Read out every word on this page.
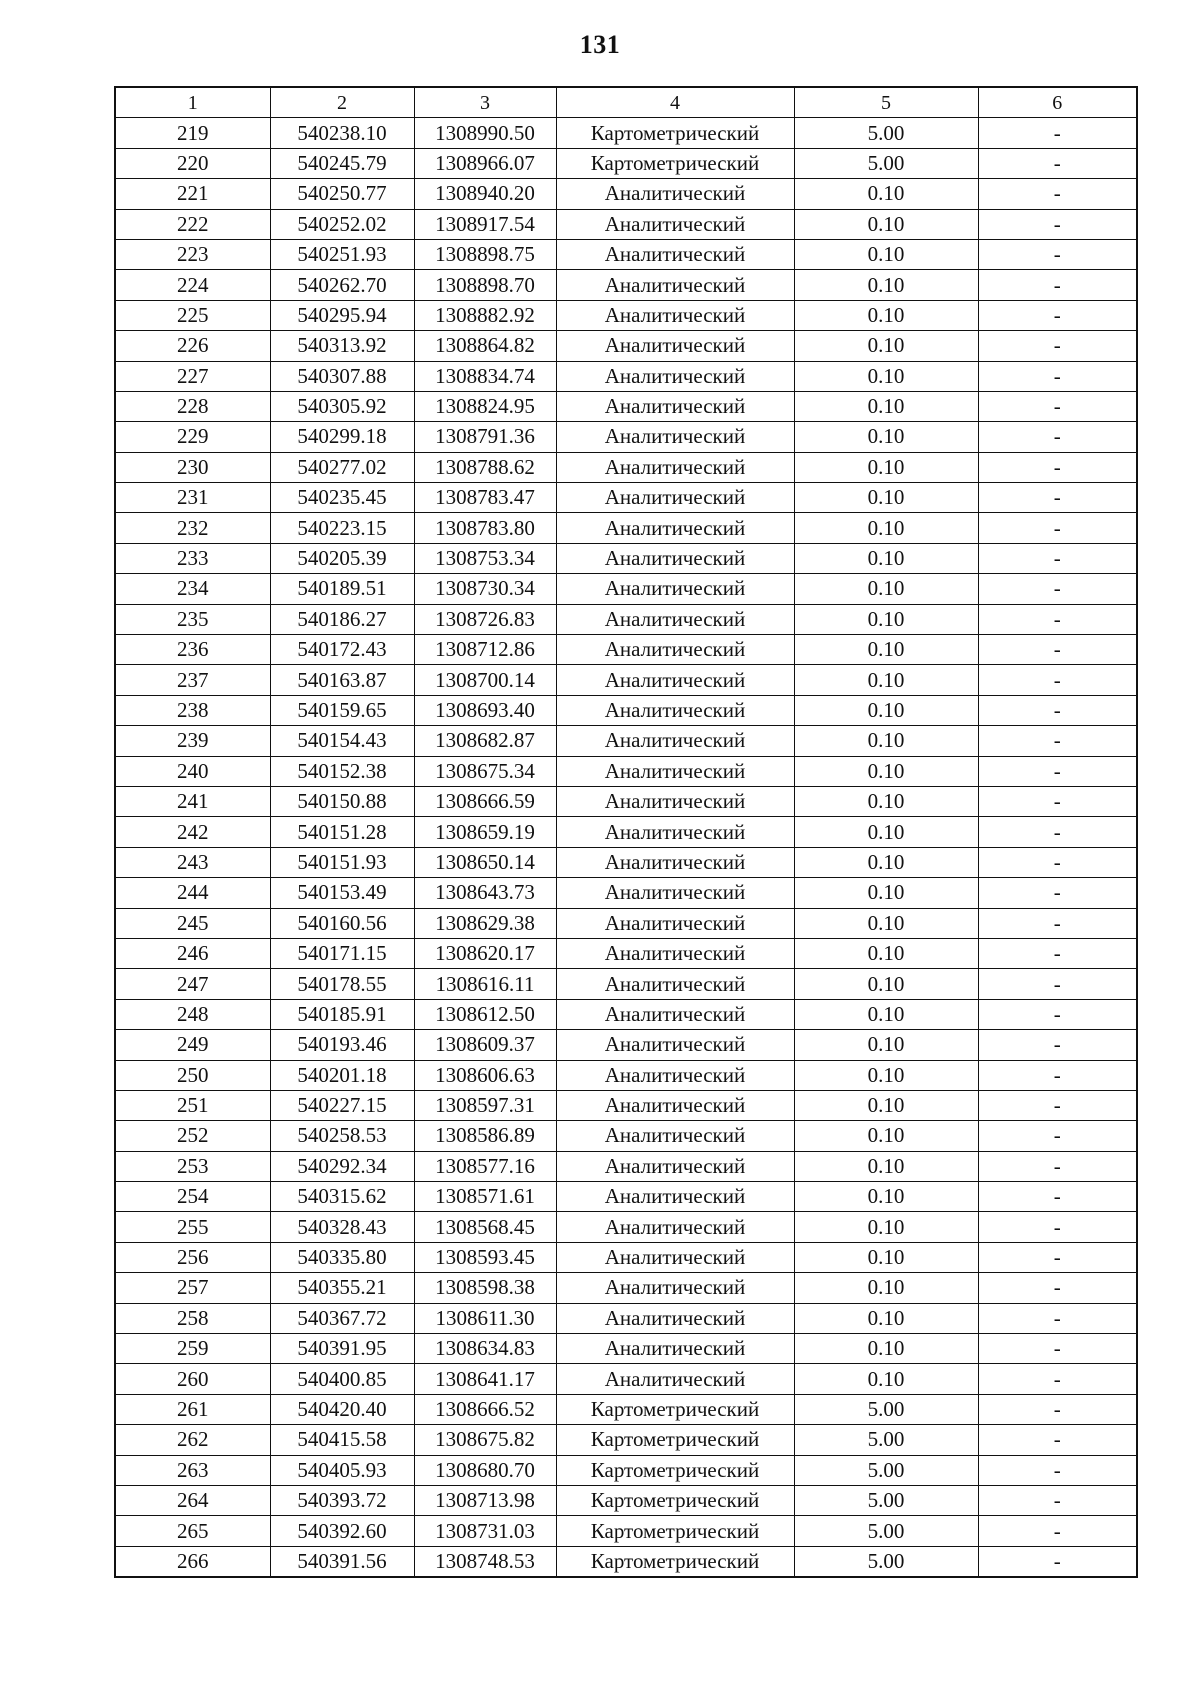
131
1	2	3	4	5	6
219	540238.10	1308990.50	Картометрический	5.00	-
220	540245.79	1308966.07	Картометрический	5.00	-
221	540250.77	1308940.20	Аналитический	0.10	-
222	540252.02	1308917.54	Аналитический	0.10	-
223	540251.93	1308898.75	Аналитический	0.10	-
224	540262.70	1308898.70	Аналитический	0.10	-
225	540295.94	1308882.92	Аналитический	0.10	-
226	540313.92	1308864.82	Аналитический	0.10	-
227	540307.88	1308834.74	Аналитический	0.10	-
228	540305.92	1308824.95	Аналитический	0.10	-
229	540299.18	1308791.36	Аналитический	0.10	-
230	540277.02	1308788.62	Аналитический	0.10	-
231	540235.45	1308783.47	Аналитический	0.10	-
232	540223.15	1308783.80	Аналитический	0.10	-
233	540205.39	1308753.34	Аналитический	0.10	-
234	540189.51	1308730.34	Аналитический	0.10	-
235	540186.27	1308726.83	Аналитический	0.10	-
236	540172.43	1308712.86	Аналитический	0.10	-
237	540163.87	1308700.14	Аналитический	0.10	-
238	540159.65	1308693.40	Аналитический	0.10	-
239	540154.43	1308682.87	Аналитический	0.10	-
240	540152.38	1308675.34	Аналитический	0.10	-
241	540150.88	1308666.59	Аналитический	0.10	-
242	540151.28	1308659.19	Аналитический	0.10	-
243	540151.93	1308650.14	Аналитический	0.10	-
244	540153.49	1308643.73	Аналитический	0.10	-
245	540160.56	1308629.38	Аналитический	0.10	-
246	540171.15	1308620.17	Аналитический	0.10	-
247	540178.55	1308616.11	Аналитический	0.10	-
248	540185.91	1308612.50	Аналитический	0.10	-
249	540193.46	1308609.37	Аналитический	0.10	-
250	540201.18	1308606.63	Аналитический	0.10	-
251	540227.15	1308597.31	Аналитический	0.10	-
252	540258.53	1308586.89	Аналитический	0.10	-
253	540292.34	1308577.16	Аналитический	0.10	-
254	540315.62	1308571.61	Аналитический	0.10	-
255	540328.43	1308568.45	Аналитический	0.10	-
256	540335.80	1308593.45	Аналитический	0.10	-
257	540355.21	1308598.38	Аналитический	0.10	-
258	540367.72	1308611.30	Аналитический	0.10	-
259	540391.95	1308634.83	Аналитический	0.10	-
260	540400.85	1308641.17	Аналитический	0.10	-
261	540420.40	1308666.52	Картометрический	5.00	-
262	540415.58	1308675.82	Картометрический	5.00	-
263	540405.93	1308680.70	Картометрический	5.00	-
264	540393.72	1308713.98	Картометрический	5.00	-
265	540392.60	1308731.03	Картометрический	5.00	-
266	540391.56	1308748.53	Картометрический	5.00	-
